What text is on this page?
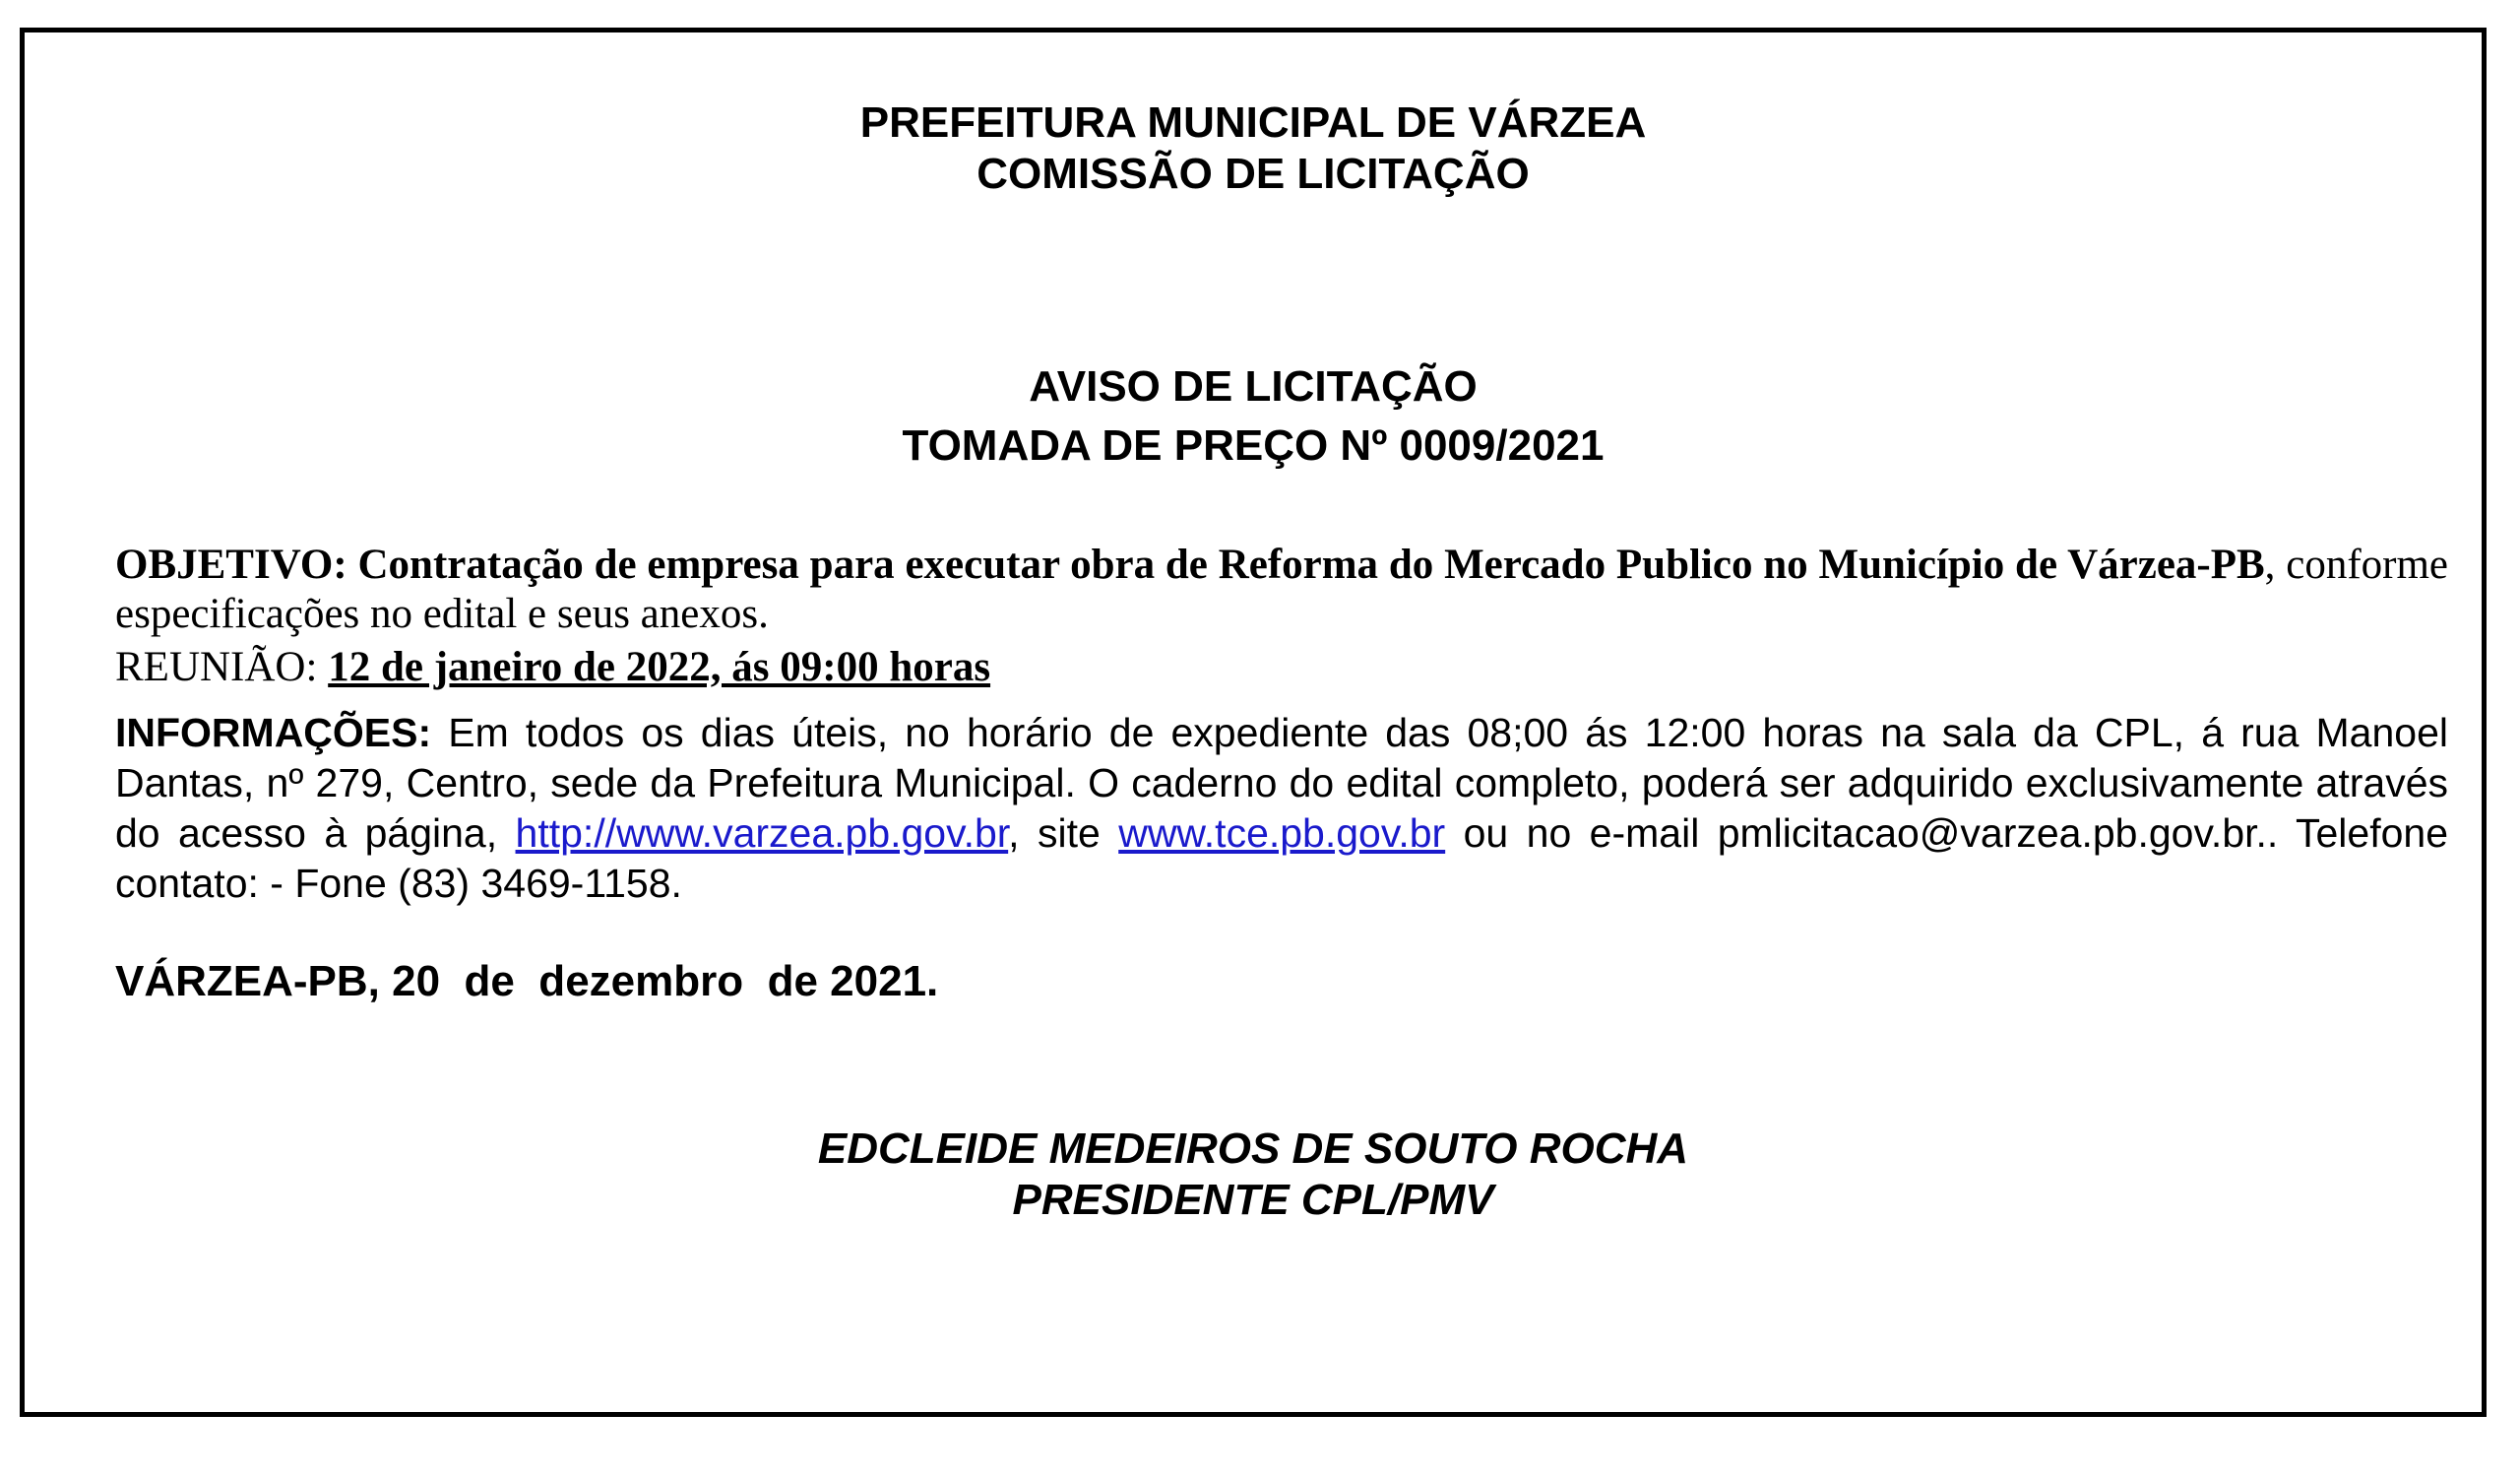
PREFEITURA MUNICIPAL DE VÁRZEA
COMISSÃO DE LICITAÇÃO
AVISO DE LICITAÇÃO
TOMADA DE PREÇO Nº 0009/2021
OBJETIVO: Contratação de empresa para executar obra de Reforma do Mercado Publico no Município de Várzea-PB, conforme especificações no edital e seus anexos.
REUNIÃO: 12 de janeiro de 2022, ás 09:00 horas
INFORMAÇÕES: Em todos os dias úteis, no horário de expediente das 08;00 ás 12:00 horas na sala da CPL, á rua Manoel Dantas, nº 279, Centro, sede da Prefeitura Municipal. O caderno do edital completo, poderá ser adquirido exclusivamente através do acesso à página, http://www.varzea.pb.gov.br, site www.tce.pb.gov.br ou no e-mail pmlicitacao@varzea.pb.gov.br.. Telefone contato: - Fone (83) 3469-1158.
VÁRZEA-PB, 20  de  dezembro  de 2021.
EDCLEIDE MEDEIROS DE SOUTO ROCHA
PRESIDENTE CPL/PMV
